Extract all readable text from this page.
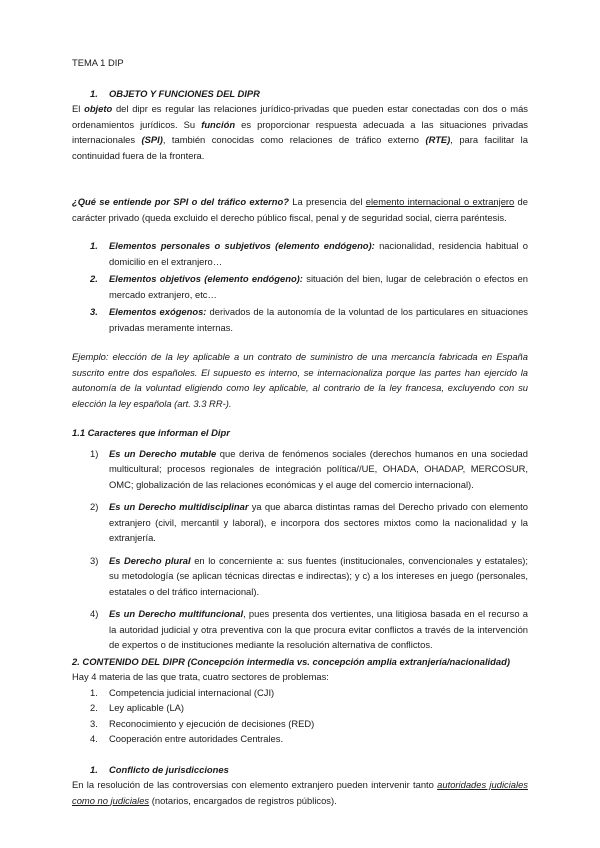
TEMA 1 DIP

1.	OBJETO Y FUNCIONES DEL DIPR

El objeto del dipr es regular las relaciones jurídico-privadas que pueden estar conectadas con dos o más ordenamientos jurídicos. Su función es proporcionar respuesta adecuada a las situaciones privadas internacionales (SPI), también conocidas como relaciones de tráfico externo (RTE), para facilitar la continuidad fuera de la frontera.

¿Qué se entiende por SPI o del tráfico externo? La presencia del elemento internacional o extranjero de carácter privado (queda excluido el derecho público fiscal, penal y de seguridad social, cierra paréntesis.

1.	Elementos personales o subjetivos (elemento endógeno): nacionalidad, residencia habitual o domicilio en el extranjero…
2.	Elementos objetivos (elemento endógeno): situación del bien, lugar de celebración o efectos en mercado extranjero, etc…
3.	Elementos exógenos: derivados de la autonomía de la voluntad de los particulares en situaciones privadas meramente internas.

Ejemplo: elección de la ley aplicable a un contrato de suministro de una mercancía fabricada en España suscrito entre dos españoles. El supuesto es interno, se internacionaliza porque las partes han ejercido la autonomía de la voluntad eligiendo como ley aplicable, al contrario de la ley francesa, excluyendo con su elección la ley española (art. 3.3 RR-).

1.1 Caracteres que informan el Dipr

1)	Es un Derecho mutable que deriva de fenómenos sociales (derechos humanos en una sociedad multicultural; procesos regionales de integración política//UE, OHADA, OHADAP, MERCOSUR, OMC; globalización de las relaciones económicas y el auge del comercio internacional).
2)	Es un Derecho multidisciplinar ya que abarca distintas ramas del Derecho privado con elemento extranjero (civil, mercantil y laboral), e incorpora dos sectores mixtos como la nacionalidad y la extranjería.
3)	Es Derecho plural en lo concerniente a: sus fuentes (institucionales, convencionales y estatales); su metodología (se aplican técnicas directas e indirectas); y c) a los intereses en juego (personales, estatales o del tráfico internacional).
4)	Es un Derecho multifuncional, pues presenta dos vertientes, una litigiosa basada en el recurso a la autoridad judicial y otra preventiva con la que procura evitar conflictos a través de la intervención de expertos o de instituciones mediante la resolución alternativa de conflictos.

2. CONTENIDO DEL DIPR (Concepción intermedia vs. concepción amplia extranjería/nacionalidad)

Hay 4 materia de las que trata, cuatro sectores de problemas:

1.	Competencia judicial internacional (CJI)
2.	Ley aplicable (LA)
3.	Reconocimiento y ejecución de decisiones (RED)
4.	Cooperación entre autoridades Centrales.
1.	Conflicto de jurisdicciones

En la resolución de las controversias con elemento extranjero pueden intervenir tanto autoridades judiciales como no judiciales (notarios, encargados de registros públicos).
